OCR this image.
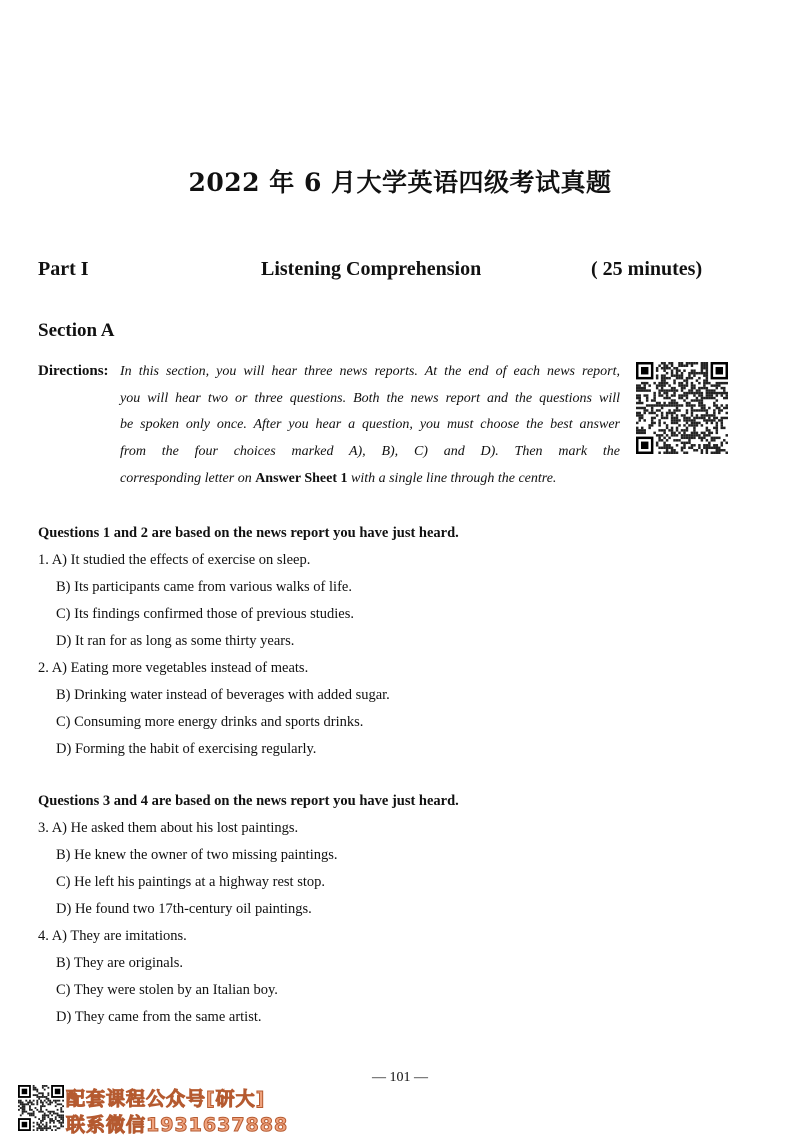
2022 年 6 月大学英语四级考试真题
Part I	Listening Comprehension	( 25 minutes)
Section A
Directions: In this section, you will hear three news reports. At the end of each news report,
you will hear two or three questions. Both the news report and the questions will
be spoken only once. After you hear a question, you must choose the best answer
from the four choices marked A), B), C) and D). Then mark the
corresponding letter on Answer Sheet 1 with a single line through the centre.
Questions 1 and 2 are based on the news report you have just heard.
1. A) It studied the effects of exercise on sleep.
B) Its participants came from various walks of life.
C) Its findings confirmed those of previous studies.
D) It ran for as long as some thirty years.
2. A) Eating more vegetables instead of meats.
B) Drinking water instead of beverages with added sugar.
C) Consuming more energy drinks and sports drinks.
D) Forming the habit of exercising regularly.
Questions 3 and 4 are based on the news report you have just heard.
3. A) He asked them about his lost paintings.
B) He knew the owner of two missing paintings.
C) He left his paintings at a highway rest stop.
D) He found two 17th-century oil paintings.
4. A) They are imitations.
B) They are originals.
C) They were stolen by an Italian boy.
D) They came from the same artist.
— 101 —
配套课程公众号[研大]
联系微信1931637888
